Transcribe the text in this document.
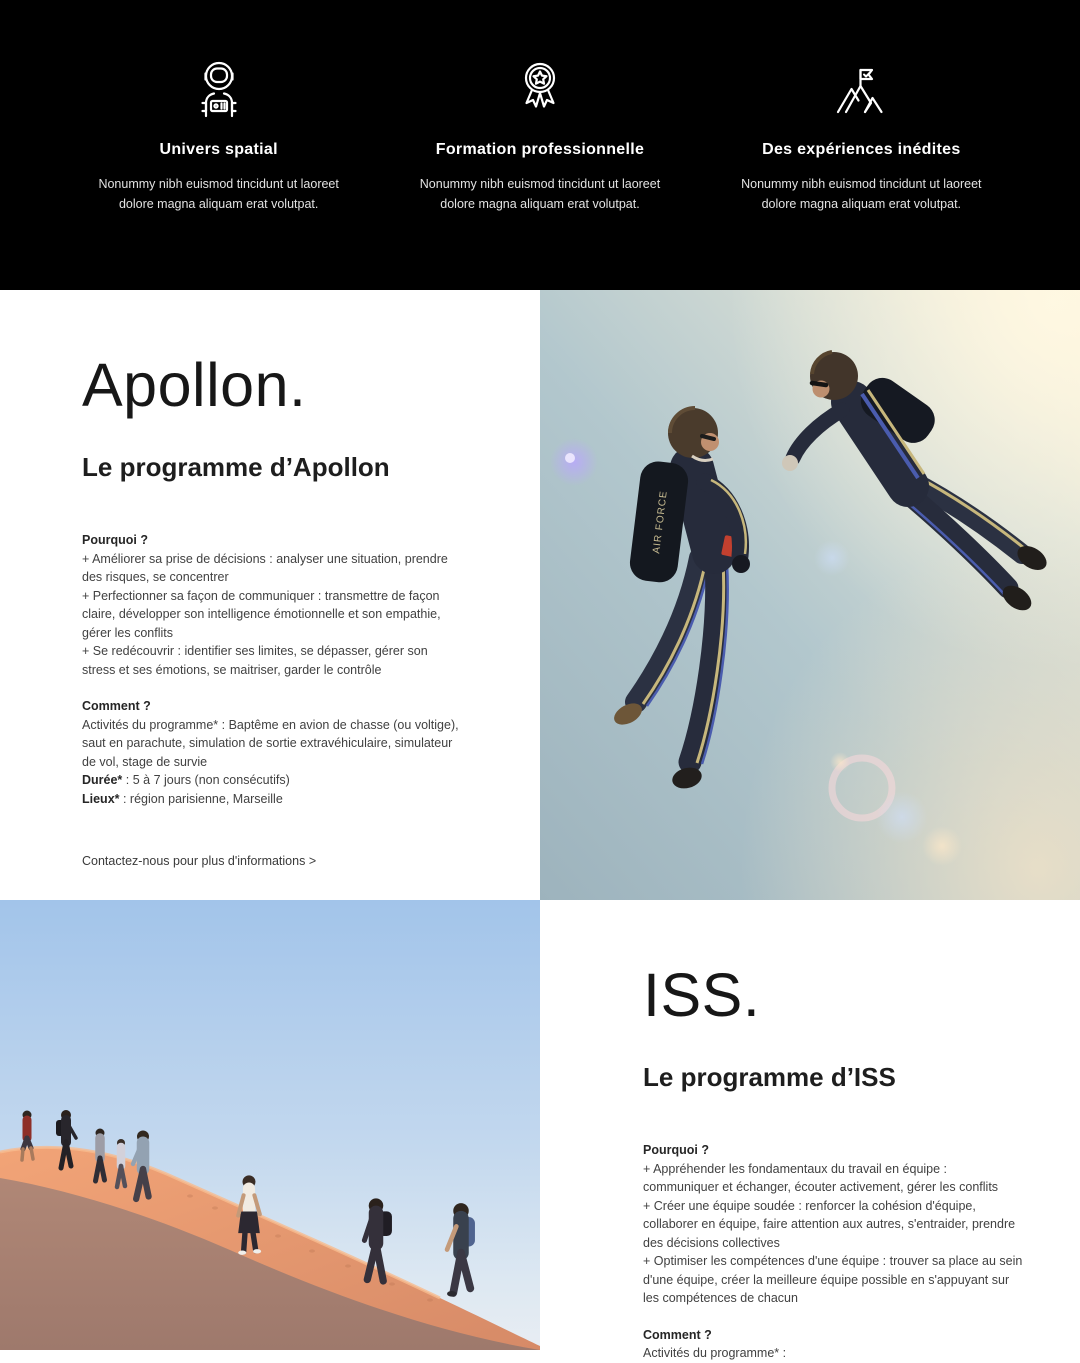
Univers spatial

Nonummy nibh euismod tincidunt ut laoreet dolore magna aliquam erat volutpat.

Formation professionnelle

Nonummy nibh euismod tincidunt ut laoreet dolore magna aliquam erat volutpat.

Des expériences inédites

Nonummy nibh euismod tincidunt ut laoreet dolore magna aliquam erat volutpat.

Apollon.
Le programme d’Apollon

Pourquoi ?

+ Améliorer sa prise de décisions : analyser une situation, prendre des risques, se concentrer

+ Perfectionner sa façon de communiquer : transmettre de façon claire, développer son intelligence émotionnelle et son empathie, gérer les conflits

+ Se redécouvrir : identifier ses limites, se dépasser, gérer son stress et ses émotions, se maitriser, garder le contrôle

Comment ?

Activités du programme* : Baptême en avion de chasse (ou voltige), saut en parachute, simulation de sortie extravéhiculaire, simulateur de vol, stage de survie

Durée* : 5 à 7 jours (non consécutifs)

Lieux* : région parisienne, Marseille

Contactez-nous pour plus d'informations >
AIR FORCE
ISS.
Le programme d’ISS

Pourquoi ?

+ Appréhender les fondamentaux du travail en équipe : communiquer et échanger, écouter activement, gérer les conflits

+ Créer une équipe soudée : renforcer la cohésion d'équipe, collaborer en équipe, faire attention aux autres, s'entraider, prendre des décisions collectives

+ Optimiser les compétences d'une équipe : trouver sa place au sein d'une équipe, créer la meilleure équipe possible en s'appuyant sur les compétences de chacun

Comment ?

Activités du programme* :
